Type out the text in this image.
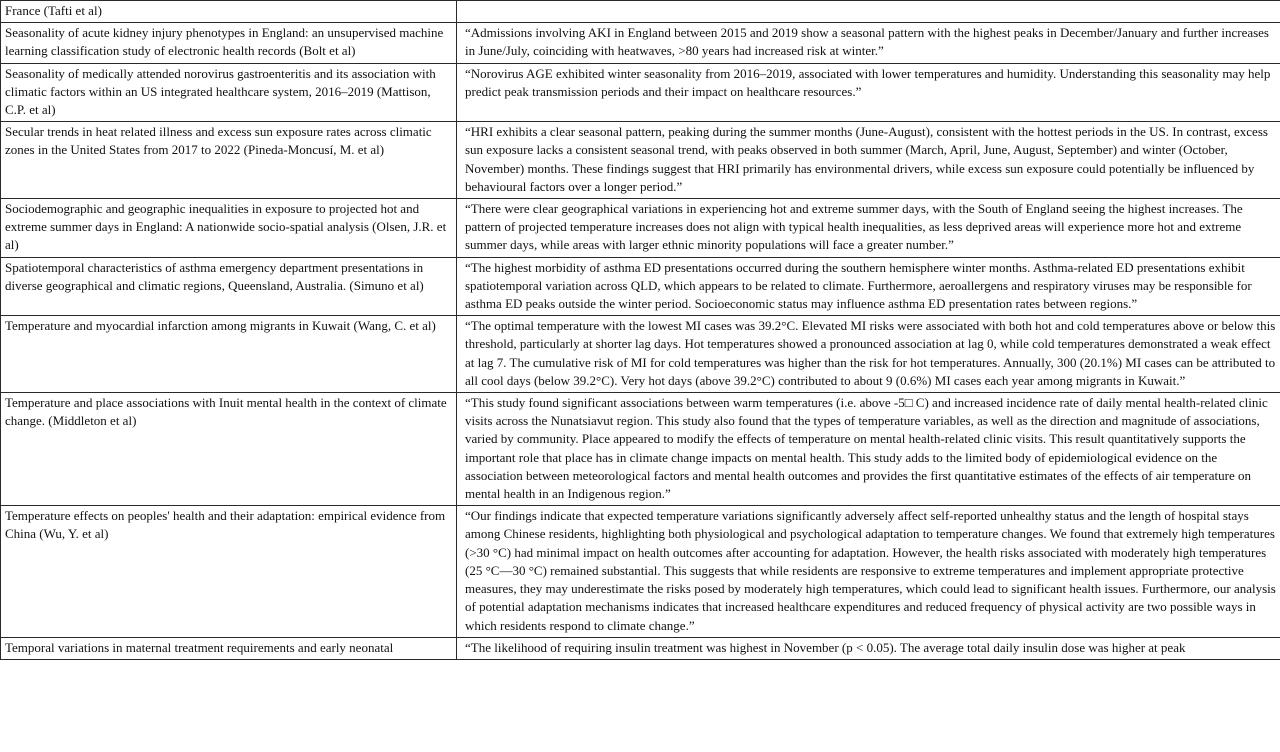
France (Tafti et al)	
Seasonality of acute kidney injury phenotypes in England: an unsupervised machine learning classification study of electronic health records (Bolt et al)	“Admissions involving AKI in England between 2015 and 2019 show a seasonal pattern with the highest peaks in December/January and further increases in June/July, coinciding with heatwaves, >80 years had increased risk at winter.”
Seasonality of medically attended norovirus gastroenteritis and its association with climatic factors within an US integrated healthcare system, 2016–2019 (Mattison, C.P. et al)	“Norovirus AGE exhibited winter seasonality from 2016–2019, associated with lower temperatures and humidity. Understanding this seasonality may help predict peak transmission periods and their impact on healthcare resources.”
Secular trends in heat related illness and excess sun exposure rates across climatic zones in the United States from 2017 to 2022 (Pineda-Moncusí, M. et al)	“HRI exhibits a clear seasonal pattern, peaking during the summer months (June-August), consistent with the hottest periods in the US. In contrast, excess sun exposure lacks a consistent seasonal trend, with peaks observed in both summer (March, April, June, August, September) and winter (October, November) months. These findings suggest that HRI primarily has environmental drivers, while excess sun exposure could potentially be influenced by behavioural factors over a longer period.”
Sociodemographic and geographic inequalities in exposure to projected hot and extreme summer days in England: A nationwide socio-spatial analysis (Olsen, J.R. et al)	“There were clear geographical variations in experiencing hot and extreme summer days, with the South of England seeing the highest increases. The pattern of projected temperature increases does not align with typical health inequalities, as less deprived areas will experience more hot and extreme summer days, while areas with larger ethnic minority populations will face a greater number.”
Spatiotemporal characteristics of asthma emergency department presentations in diverse geographical and climatic regions, Queensland, Australia. (Simuno et al)	“The highest morbidity of asthma ED presentations occurred during the southern hemisphere winter months. Asthma-related ED presentations exhibit spatiotemporal variation across QLD, which appears to be related to climate. Furthermore, aeroallergens and respiratory viruses may be responsible for asthma ED peaks outside the winter period. Socioeconomic status may influence asthma ED presentation rates between regions.”
Temperature and myocardial infarction among migrants in Kuwait (Wang, C. et al)	“The optimal temperature with the lowest MI cases was 39.2°C. Elevated MI risks were associated with both hot and cold temperatures above or below this threshold, particularly at shorter lag days. Hot temperatures showed a pronounced association at lag 0, while cold temperatures demonstrated a weak effect at lag 7. The cumulative risk of MI for cold temperatures was higher than the risk for hot temperatures. Annually, 300 (20.1%) MI cases can be attributed to all cool days (below 39.2°C). Very hot days (above 39.2°C) contributed to about 9 (0.6%) MI cases each year among migrants in Kuwait.”
Temperature and place associations with Inuit mental health in the context of climate change. (Middleton et al)	“This study found significant associations between warm temperatures (i.e. above -5□ C) and increased incidence rate of daily mental health-related clinic visits across the Nunatsiavut region. This study also found that the types of temperature variables, as well as the direction and magnitude of associations, varied by community. Place appeared to modify the effects of temperature on mental health-related clinic visits. This result quantitatively supports the important role that place has in climate change impacts on mental health. This study adds to the limited body of epidemiological evidence on the association between meteorological factors and mental health outcomes and provides the first quantitative estimates of the effects of air temperature on mental health in an Indigenous region.”
Temperature effects on peoples' health and their adaptation: empirical evidence from China (Wu, Y. et al)	“Our findings indicate that expected temperature variations significantly adversely affect self-reported unhealthy status and the length of hospital stays among Chinese residents, highlighting both physiological and psychological adaptation to temperature changes. We found that extremely high temperatures (>30 °C) had minimal impact on health outcomes after accounting for adaptation. However, the health risks associated with moderately high temperatures (25 °C—30 °C) remained substantial. This suggests that while residents are responsive to extreme temperatures and implement appropriate protective measures, they may underestimate the risks posed by moderately high temperatures, which could lead to significant health issues. Furthermore, our analysis of potential adaptation mechanisms indicates that increased healthcare expenditures and reduced frequency of physical activity are two possible ways in which residents respond to climate change.”
Temporal variations in maternal treatment requirements and early neonatal	“The likelihood of requiring insulin treatment was highest in November (p < 0.05). The average total daily insulin dose was higher at peak
